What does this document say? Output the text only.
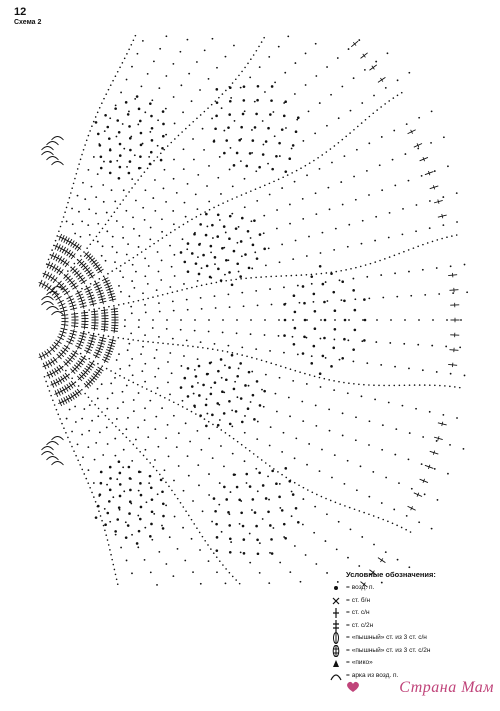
12
Схема 2
Условные обозначения:
= возд. п.
= ст. б/н
= ст. с/н
= ст. с/2н
= «пышный» ст. из 3 ст. с/н
= «пышный» ст. из 3 ст. с/2н
= «пико»
= арка из возд. п.
Страна Мам
